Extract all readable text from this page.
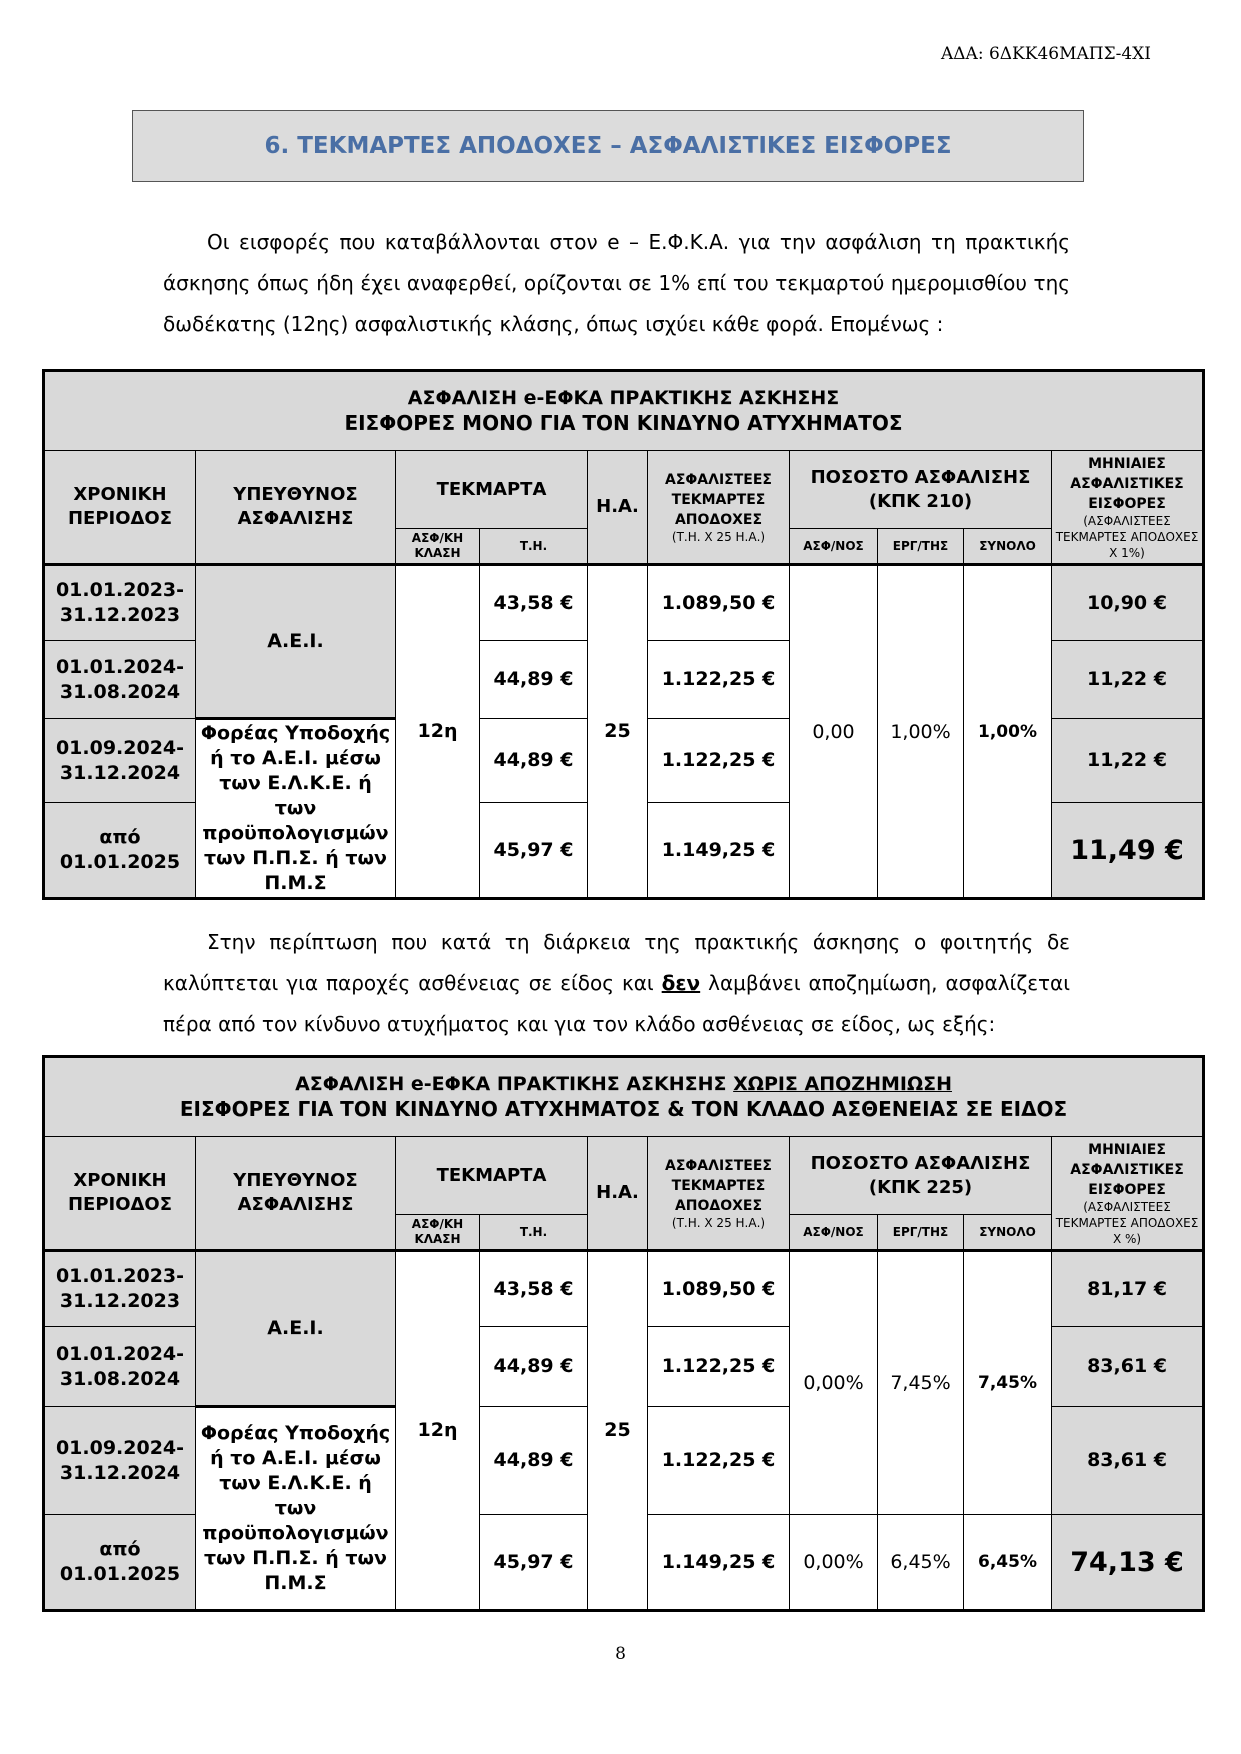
ΑΔΑ: 6ΔΚΚ46ΜΑΠΣ-4ΧΙ
6. ΤΕΚΜΑΡΤΕΣ ΑΠΟΔΟΧΕΣ – ΑΣΦΑΛΙΣΤΙΚΕΣ ΕΙΣΦΟΡΕΣ
Οι εισφορές που καταβάλλονται στον e – Ε.Φ.Κ.Α. για την ασφάλιση τη πρακτικής άσκησης όπως ήδη έχει αναφερθεί, ορίζονται σε 1% επί του τεκμαρτού ημερομισθίου της δωδέκατης (12ης) ασφαλιστικής κλάσης, όπως ισχύει κάθε φορά. Επομένως :
ΑΣΦΑΛΙΣΗ e-ΕΦΚΑ ΠΡΑΚΤΙΚΗΣ ΑΣΚΗΣΗΣ
ΕΙΣΦΟΡΕΣ ΜΟΝΟ ΓΙΑ ΤΟΝ ΚΙΝΔΥΝΟ ΑΤΥΧΗΜΑΤΟΣ									
ΧΡΟΝΙΚΗ ΠΕΡΙΟΔΟΣ	ΥΠΕΥΘΥΝΟΣ ΑΣΦΑΛΙΣΗΣ	ΤΕΚΜΑΡΤΑ		Η.Α.	ΑΣΦΑΛΙΣΤΕΕΣ ΤΕΚΜΑΡΤΕΣ ΑΠΟΔΟΧΕΣ
(Τ.Η. Χ 25 Η.Α.)	ΠΟΣΟΣΤΟ ΑΣΦΑΛΙΣΗΣ
(ΚΠΚ 210)			ΜΗΝΙΑΙΕΣ ΑΣΦΑΛΙΣΤΙΚΕΣ ΕΙΣΦΟΡΕΣ
(ΑΣΦΑΛΙΣΤΕΕΣ ΤΕΚΜΑΡΤΕΣ ΑΠΟΔΟΧΕΣ Χ 1%)

		ΑΣΦ/ΚΗ ΚΛΑΣΗ	Τ.Η.			ΑΣΦ/ΝΟΣ	ΕΡΓ/ΤΗΣ	ΣΥΝΟΛΟ	
01.01.2023-31.12.2023	Α.Ε.Ι.	12η	43,58 €	25	1.089,50 €	0,00	1,00%	1,00%	10,90 €
01.01.2024-31.08.2024			44,89 €		1.122,25 €				11,22 €
01.09.2024-31.12.2024	Φορέας Υποδοχής ή το Α.Ε.Ι. μέσω των Ε.Λ.Κ.Ε. ή των προϋπολογισμών των Π.Π.Σ. ή των Π.Μ.Σ		44,89 €		1.122,25 €				11,22 €
από 01.01.2025			45,97 €		1.149,25 €				11,49 €
Στην περίπτωση που κατά τη διάρκεια της πρακτικής άσκησης ο φοιτητής δε καλύπτεται για παροχές ασθένειας σε είδος και δεν λαμβάνει αποζημίωση, ασφαλίζεται πέρα από τον κίνδυνο ατυχήματος και για τον κλάδο ασθένειας σε είδος, ως εξής:
ΑΣΦΑΛΙΣΗ e-ΕΦΚΑ ΠΡΑΚΤΙΚΗΣ ΑΣΚΗΣΗΣ ΧΩΡΙΣ ΑΠΟΖΗΜΙΩΣΗ
ΕΙΣΦΟΡΕΣ ΓΙΑ ΤΟΝ ΚΙΝΔΥΝΟ ΑΤΥΧΗΜΑΤΟΣ & ΤΟΝ ΚΛΑΔΟ ΑΣΘΕΝΕΙΑΣ ΣΕ ΕΙΔΟΣ									
ΧΡΟΝΙΚΗ ΠΕΡΙΟΔΟΣ	ΥΠΕΥΘΥΝΟΣ ΑΣΦΑΛΙΣΗΣ	ΤΕΚΜΑΡΤΑ		Η.Α.	ΑΣΦΑΛΙΣΤΕΕΣ ΤΕΚΜΑΡΤΕΣ ΑΠΟΔΟΧΕΣ
(Τ.Η. Χ 25 Η.Α.)	ΠΟΣΟΣΤΟ ΑΣΦΑΛΙΣΗΣ
(ΚΠΚ 225)			ΜΗΝΙΑΙΕΣ ΑΣΦΑΛΙΣΤΙΚΕΣ ΕΙΣΦΟΡΕΣ
(ΑΣΦΑΛΙΣΤΕΕΣ ΤΕΚΜΑΡΤΕΣ ΑΠΟΔΟΧΕΣ Χ %)

		ΑΣΦ/ΚΗ ΚΛΑΣΗ	Τ.Η.			ΑΣΦ/ΝΟΣ	ΕΡΓ/ΤΗΣ	ΣΥΝΟΛΟ	
01.01.2023-31.12.2023	Α.Ε.Ι.	12η	43,58 €	25	1.089,50 €	0,00%	7,45%	7,45%	81,17 €
01.01.2024-31.08.2024			44,89 €		1.122,25 €				83,61 €
01.09.2024-31.12.2024	Φορέας Υποδοχής ή το Α.Ε.Ι. μέσω των Ε.Λ.Κ.Ε. ή των προϋπολογισμών των Π.Π.Σ. ή των Π.Μ.Σ		44,89 €		1.122,25 €				83,61 €
από 01.01.2025			45,97 €		1.149,25 €	0,00%	6,45%	6,45%	74,13 €
8
